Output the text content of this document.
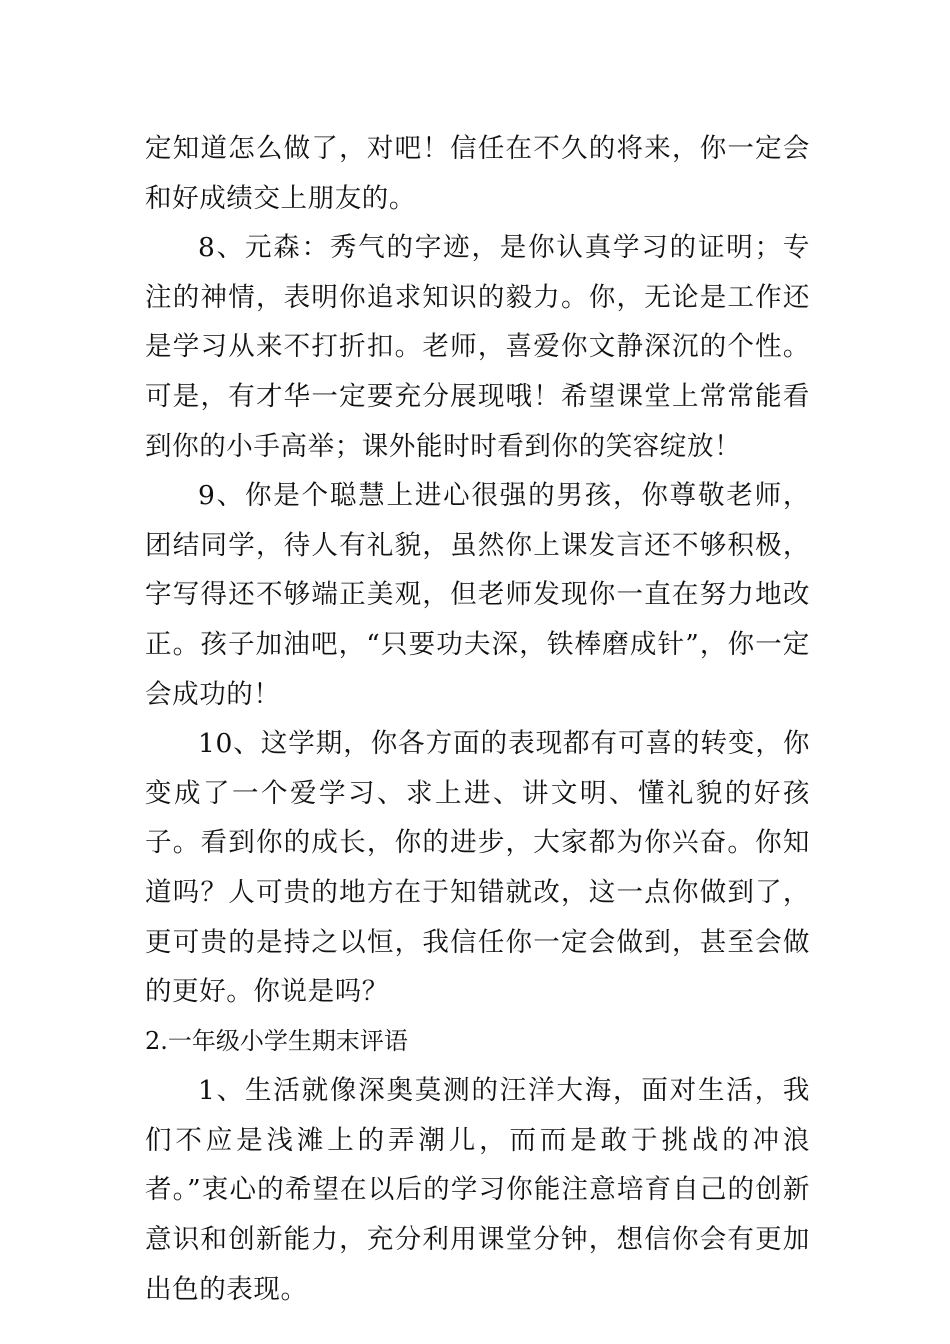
定知道怎么做了，对吧！信任在不久的将来，你一定会和好成绩交上朋友的。

8、元森：秀气的字迹，是你认真学习的证明；专注的神情，表明你追求知识的毅力。你，无论是工作还是学习从来不打折扣。老师，喜爱你文静深沉的个性。可是，有才华一定要充分展现哦！希望课堂上常常能看到你的小手高举；课外能时时看到你的笑容绽放！

9、你是个聪慧上进心很强的男孩，你尊敬老师，团结同学，待人有礼貌，虽然你上课发言还不够积极，字写得还不够端正美观，但老师发现你一直在努力地改正。孩子加油吧，“只要功夫深，铁棒磨成针”，你一定会成功的！

10、这学期，你各方面的表现都有可喜的转变，你变成了一个爱学习、求上进、讲文明、懂礼貌的好孩子。看到你的成长，你的进步，大家都为你兴奋。你知道吗？人可贵的地方在于知错就改，这一点你做到了，更可贵的是持之以恒，我信任你一定会做到，甚至会做的更好。你说是吗？

2.一年级小学生期末评语

1、生活就像深奥莫测的汪洋大海，面对生活，我们不应是浅滩上的弄潮儿，而而是敢于挑战的冲浪者。”衷心的希望在以后的学习你能注意培育自己的创新意识和创新能力，充分利用课堂分钟，想信你会有更加出色的表现。
